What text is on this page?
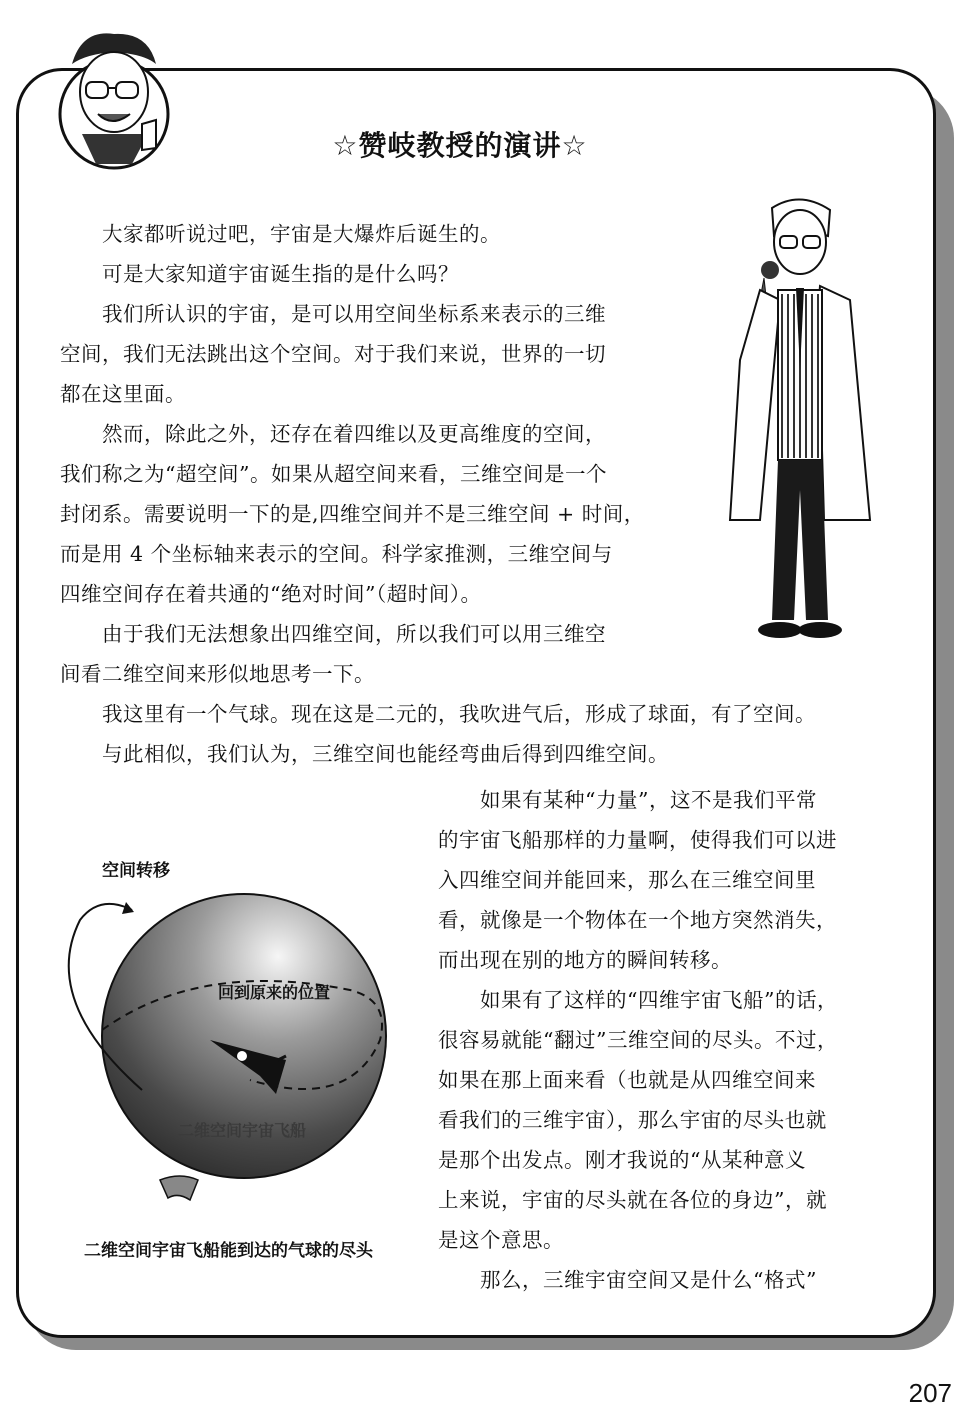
☆赞岐教授的演讲☆

大家都听说过吧，宇宙是大爆炸后诞生的。
可是大家知道宇宙诞生指的是什么吗？
我们所认识的宇宙，是可以用空间坐标系来表示的三维
空间，我们无法跳出这个空间。对于我们来说，世界的一切
都在这里面。
然而，除此之外，还存在着四维以及更高维度的空间，
我们称之为“超空间”。如果从超空间来看，三维空间是一个
封闭系。需要说明一下的是,四维空间并不是三维空间 + 时间，
而是用 4 个坐标轴来表示的空间。科学家推测，三维空间与
四维空间存在着共通的“绝对时间”（超时间）。
由于我们无法想象出四维空间，所以我们可以用三维空
间看二维空间来形似地思考一下。

我这里有一个气球。现在这是二元的，我吹进气后，形成了球面，有了空间。
与此相似，我们认为，三维空间也能经弯曲后得到四维空间。

如果有某种“力量”，这不是我们平常
的宇宙飞船那样的力量啊，使得我们可以进
入四维空间并能回来，那么在三维空间里
看，就像是一个物体在一个地方突然消失，
而出现在别的地方的瞬间转移。
如果有了这样的“四维宇宙飞船”的话，
很容易就能“翻过”三维空间的尽头。不过，
如果在那上面来看（也就是从四维空间来
看我们的三维宇宙），那么宇宙的尽头也就
是那个出发点。刚才我说的“从某种意义
上来说，宇宙的尽头就在各位的身边”，就
是这个意思。
那么，三维宇宙空间又是什么“格式”

空间转移
回到原来的位置
二维空间宇宙飞船
二维空间宇宙飞船能到达的气球的尽头
207
